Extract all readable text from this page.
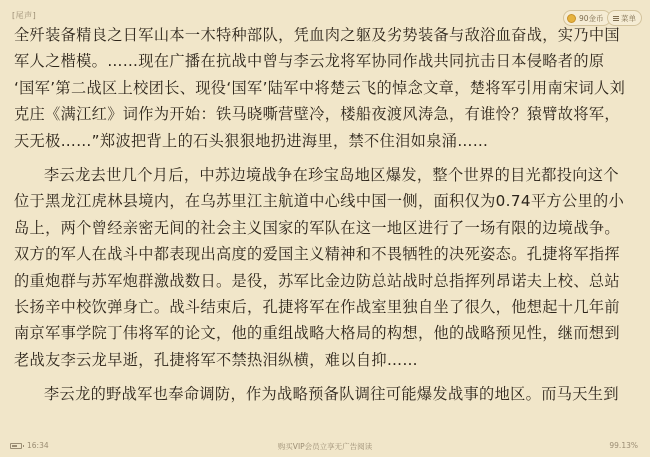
[尾声]	90金币 菜单
全歼装备精良之日军山本一木特种部队，凭血肉之躯及劣势装备与敌浴血奋战，实乃中国
军人之楷模。……现在广播在抗战中曾与李云龙将军协同作战共同抗击日本侵略者的原
‘国军’第二战区上校团长、现役‘国军’陆军中将楚云飞的悼念文章，楚将军引用南宋词人刘
克庄《满江红》词作为开始：铁马晓嘶营壁冷，楼船夜渡风涛急，有谁怜？猿臂故将军，
天无极……”郑波把背上的石头狠狠地扔进海里，禁不住泪如泉涌……
李云龙去世几个月后，中苏边境战争在珍宝岛地区爆发，整个世界的目光都投向这个
位于黑龙江虎林县境内，在乌苏里江主航道中心线中国一侧，面积仅为0.74平方公里的小
岛上，两个曾经亲密无间的社会主义国家的军队在这一地区进行了一场有限的边境战争。
双方的军人在战斗中都表现出高度的爱国主义精神和不畏牺牲的决死姿态。孔捷将军指挥
的重炮群与苏军炮群激战数日。是役，苏军比金边防总站战时总指挥列昂诺夫上校、总站
长扬辛中校饮弹身亡。战斗结束后，孔捷将军在作战室里独自坐了很久，他想起十几年前
南京军事学院丁伟将军的论文，他的重组战略大格局的构想，他的战略预见性，继而想到
老战友李云龙早逝，孔捷将军不禁热泪纵横，难以自抑……
李云龙的野战军也奉命调防，作为战略预备队调往可能爆发战事的地区。而马天生到
16:34	购买VIP会员立享无广告阅读	99.13%
